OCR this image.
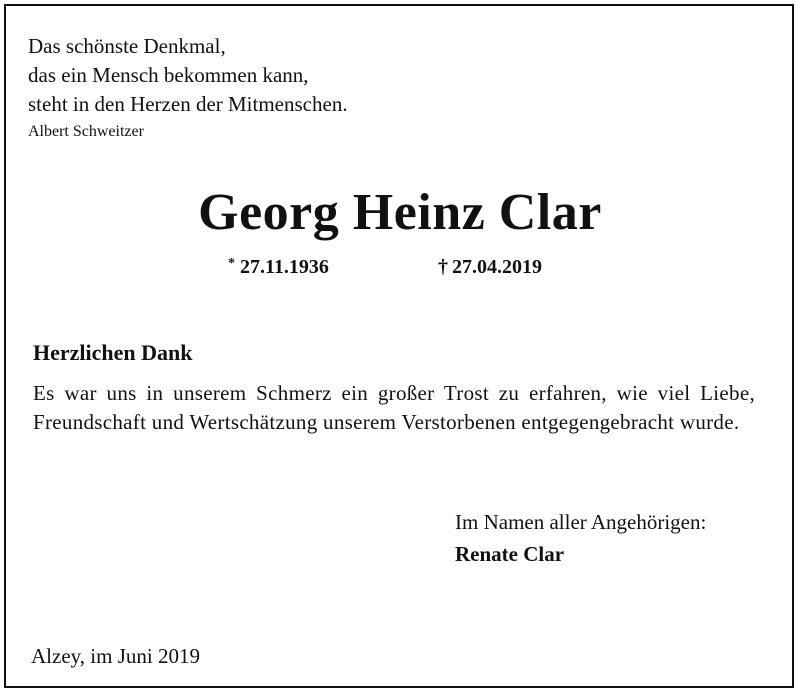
Das schönste Denkmal,
das ein Mensch bekommen kann,
steht in den Herzen der Mitmenschen.
Albert Schweitzer
Georg Heinz Clar
* 27.11.1936	† 27.04.2019
Herzlichen Dank
Es war uns in unserem Schmerz ein großer Trost zu erfahren, wie viel Liebe, Freundschaft und Wertschätzung unserem Verstorbenen entgegengebracht wurde.
Im Namen aller Angehörigen:
Renate Clar
Alzey, im Juni 2019
